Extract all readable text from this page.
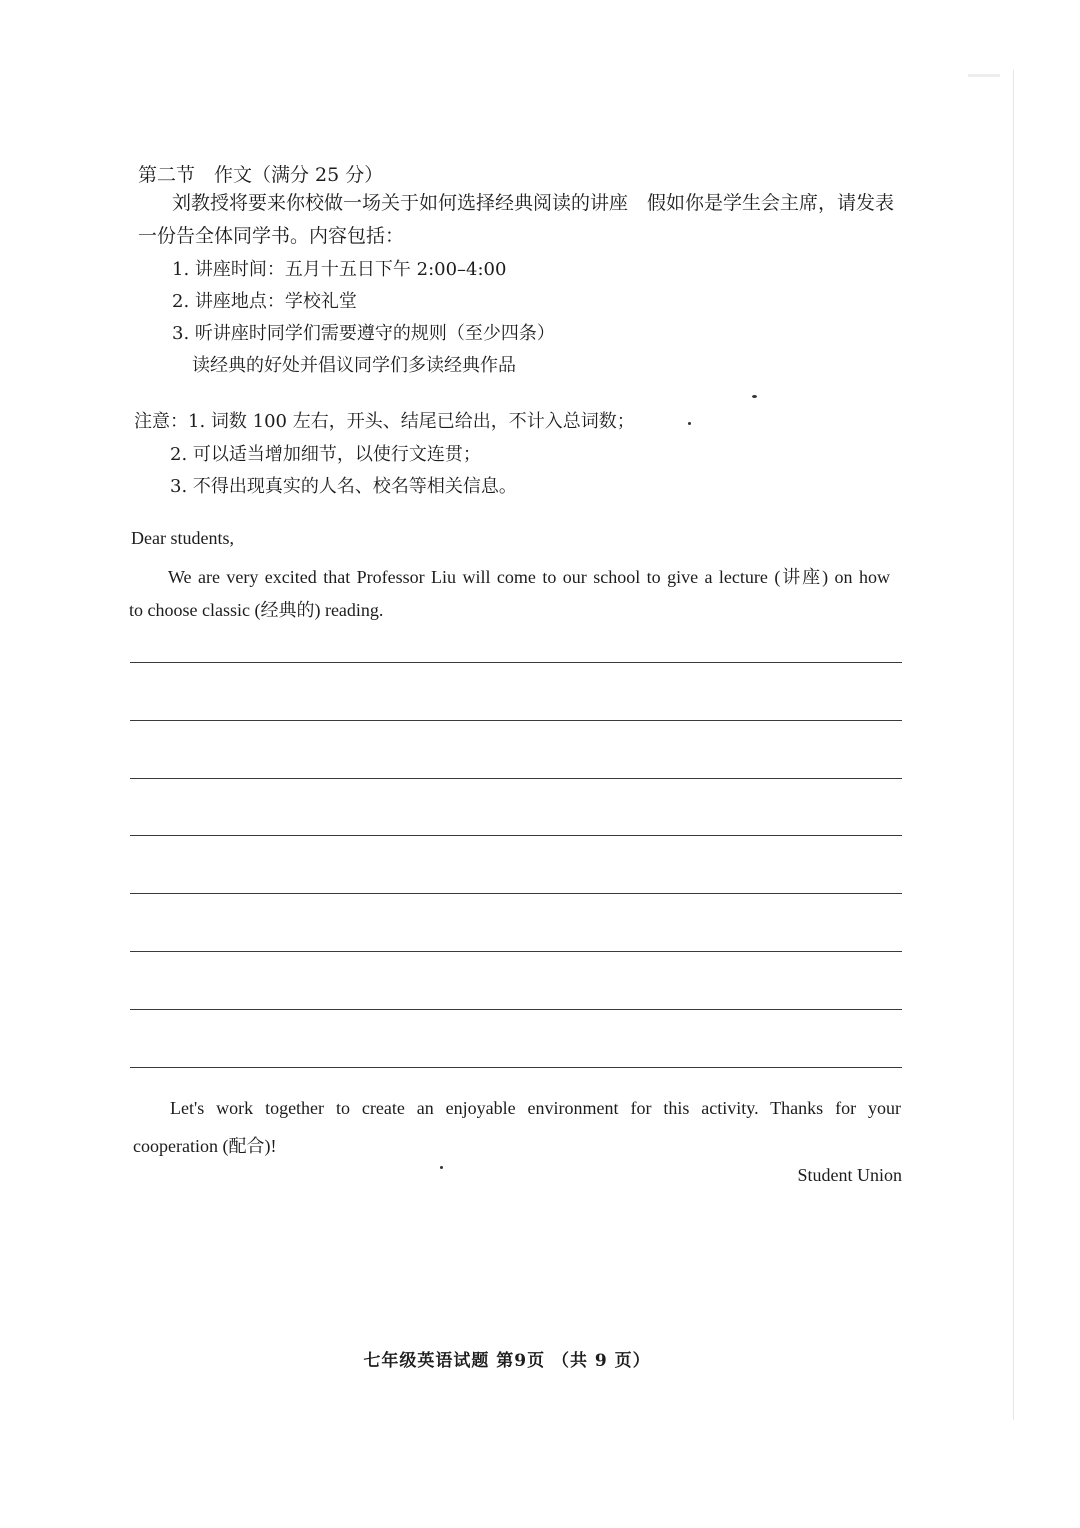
第二节　作文（满分 25 分）
刘教授将要来你校做一场关于如何选择经典阅读的讲座　假如你是学生会主席，请发表
一份告全体同学书。内容包括：
1. 讲座时间：五月十五日下午 2:00–4:00
2. 讲座地点：学校礼堂
3. 听讲座时同学们需要遵守的规则（至少四条）
读经典的好处并倡议同学们多读经典作品
注意：1. 词数 100 左右，开头、结尾已给出，不计入总词数；
2. 可以适当增加细节，以使行文连贯；
3. 不得出现真实的人名、校名等相关信息。
Dear students,
We are very excited that Professor Liu will come to our school to give a lecture (讲座) on how
to choose classic (经典的) reading.
Let's work together to create an enjoyable environment for this activity. Thanks for your
cooperation (配合)!
Student Union
七年级英语试题 第9页 （共 9 页）
